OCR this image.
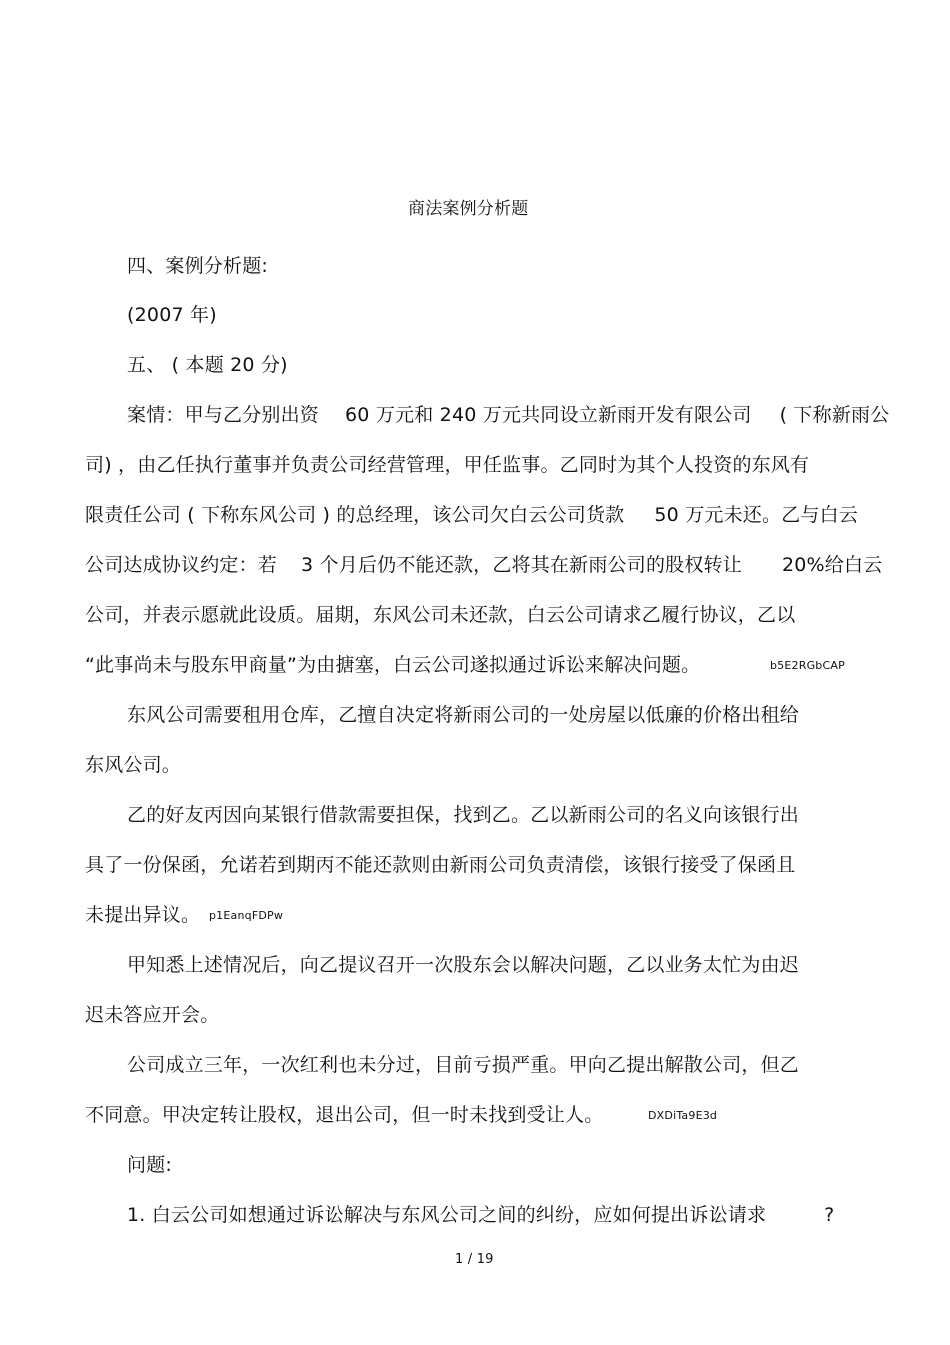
商法案例分析题
四、案例分析题:
(2007 年)
五、 ( 本题 20 分)
案情：甲与乙分别出资 60 万元和 240 万元共同设立新雨开发有限公司 ( 下称新雨公
司) ，由乙任执行董事并负责公司经营管理，甲任监事。乙同时为其个人投资的东风有
限责任公司 ( 下称东风公司 ) 的总经理，该公司欠白云公司货款 50 万元未还。乙与白云
公司达成协议约定：若 3 个月后仍不能还款，乙将其在新雨公司的股权转让 20%给白云
公司，并表示愿就此设质。届期，东风公司未还款，白云公司请求乙履行协议，乙以
“此事尚未与股东甲商量”为由搪塞，白云公司遂拟通过诉讼来解决问题。	b5E2RGbCAP
东风公司需要租用仓库，乙擅自决定将新雨公司的一处房屋以低廉的价格出租给
东风公司。
乙的好友丙因向某银行借款需要担保，找到乙。乙以新雨公司的名义向该银行出
具了一份保函，允诺若到期丙不能还款则由新雨公司负责清偿，该银行接受了保函且
未提出异议。 p1EanqFDPw
甲知悉上述情况后，向乙提议召开一次股东会以解决问题，乙以业务太忙为由迟
迟未答应开会。
公司成立三年，一次红利也未分过，目前亏损严重。甲向乙提出解散公司，但乙
不同意。甲决定转让股权，退出公司，但一时未找到受让人。	DXDiTa9E3d
问题:
1. 白云公司如想通过诉讼解决与东风公司之间的纠纷，应如何提出诉讼请求	?
1 / 19
